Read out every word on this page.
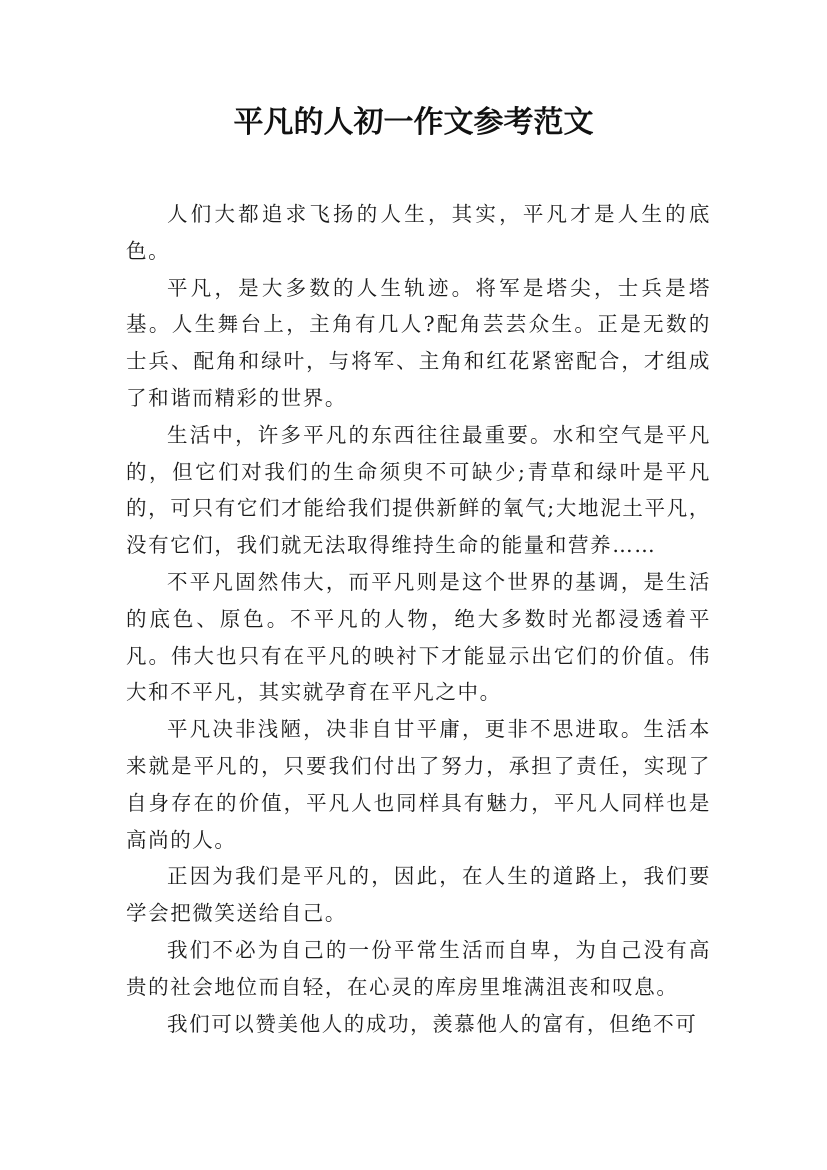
平凡的人初一作文参考范文

人们大都追求飞扬的人生，其实，平凡才是人生的底色。

平凡，是大多数的人生轨迹。将军是塔尖，士兵是塔基。人生舞台上，主角有几人?配角芸芸众生。正是无数的士兵、配角和绿叶，与将军、主角和红花紧密配合，才组成了和谐而精彩的世界。

生活中，许多平凡的东西往往最重要。水和空气是平凡的，但它们对我们的生命须臾不可缺少;青草和绿叶是平凡的，可只有它们才能给我们提供新鲜的氧气;大地泥土平凡，没有它们，我们就无法取得维持生命的能量和营养……

不平凡固然伟大，而平凡则是这个世界的基调，是生活的底色、原色。不平凡的人物，绝大多数时光都浸透着平凡。伟大也只有在平凡的映衬下才能显示出它们的价值。伟大和不平凡，其实就孕育在平凡之中。

平凡决非浅陋，决非自甘平庸，更非不思进取。生活本来就是平凡的，只要我们付出了努力，承担了责任，实现了自身存在的价值，平凡人也同样具有魅力，平凡人同样也是高尚的人。

正因为我们是平凡的，因此，在人生的道路上，我们要学会把微笑送给自己。

我们不必为自己的一份平常生活而自卑，为自己没有高贵的社会地位而自轻，在心灵的库房里堆满沮丧和叹息。

我们可以赞美他人的成功，羡慕他人的富有，但绝不可
